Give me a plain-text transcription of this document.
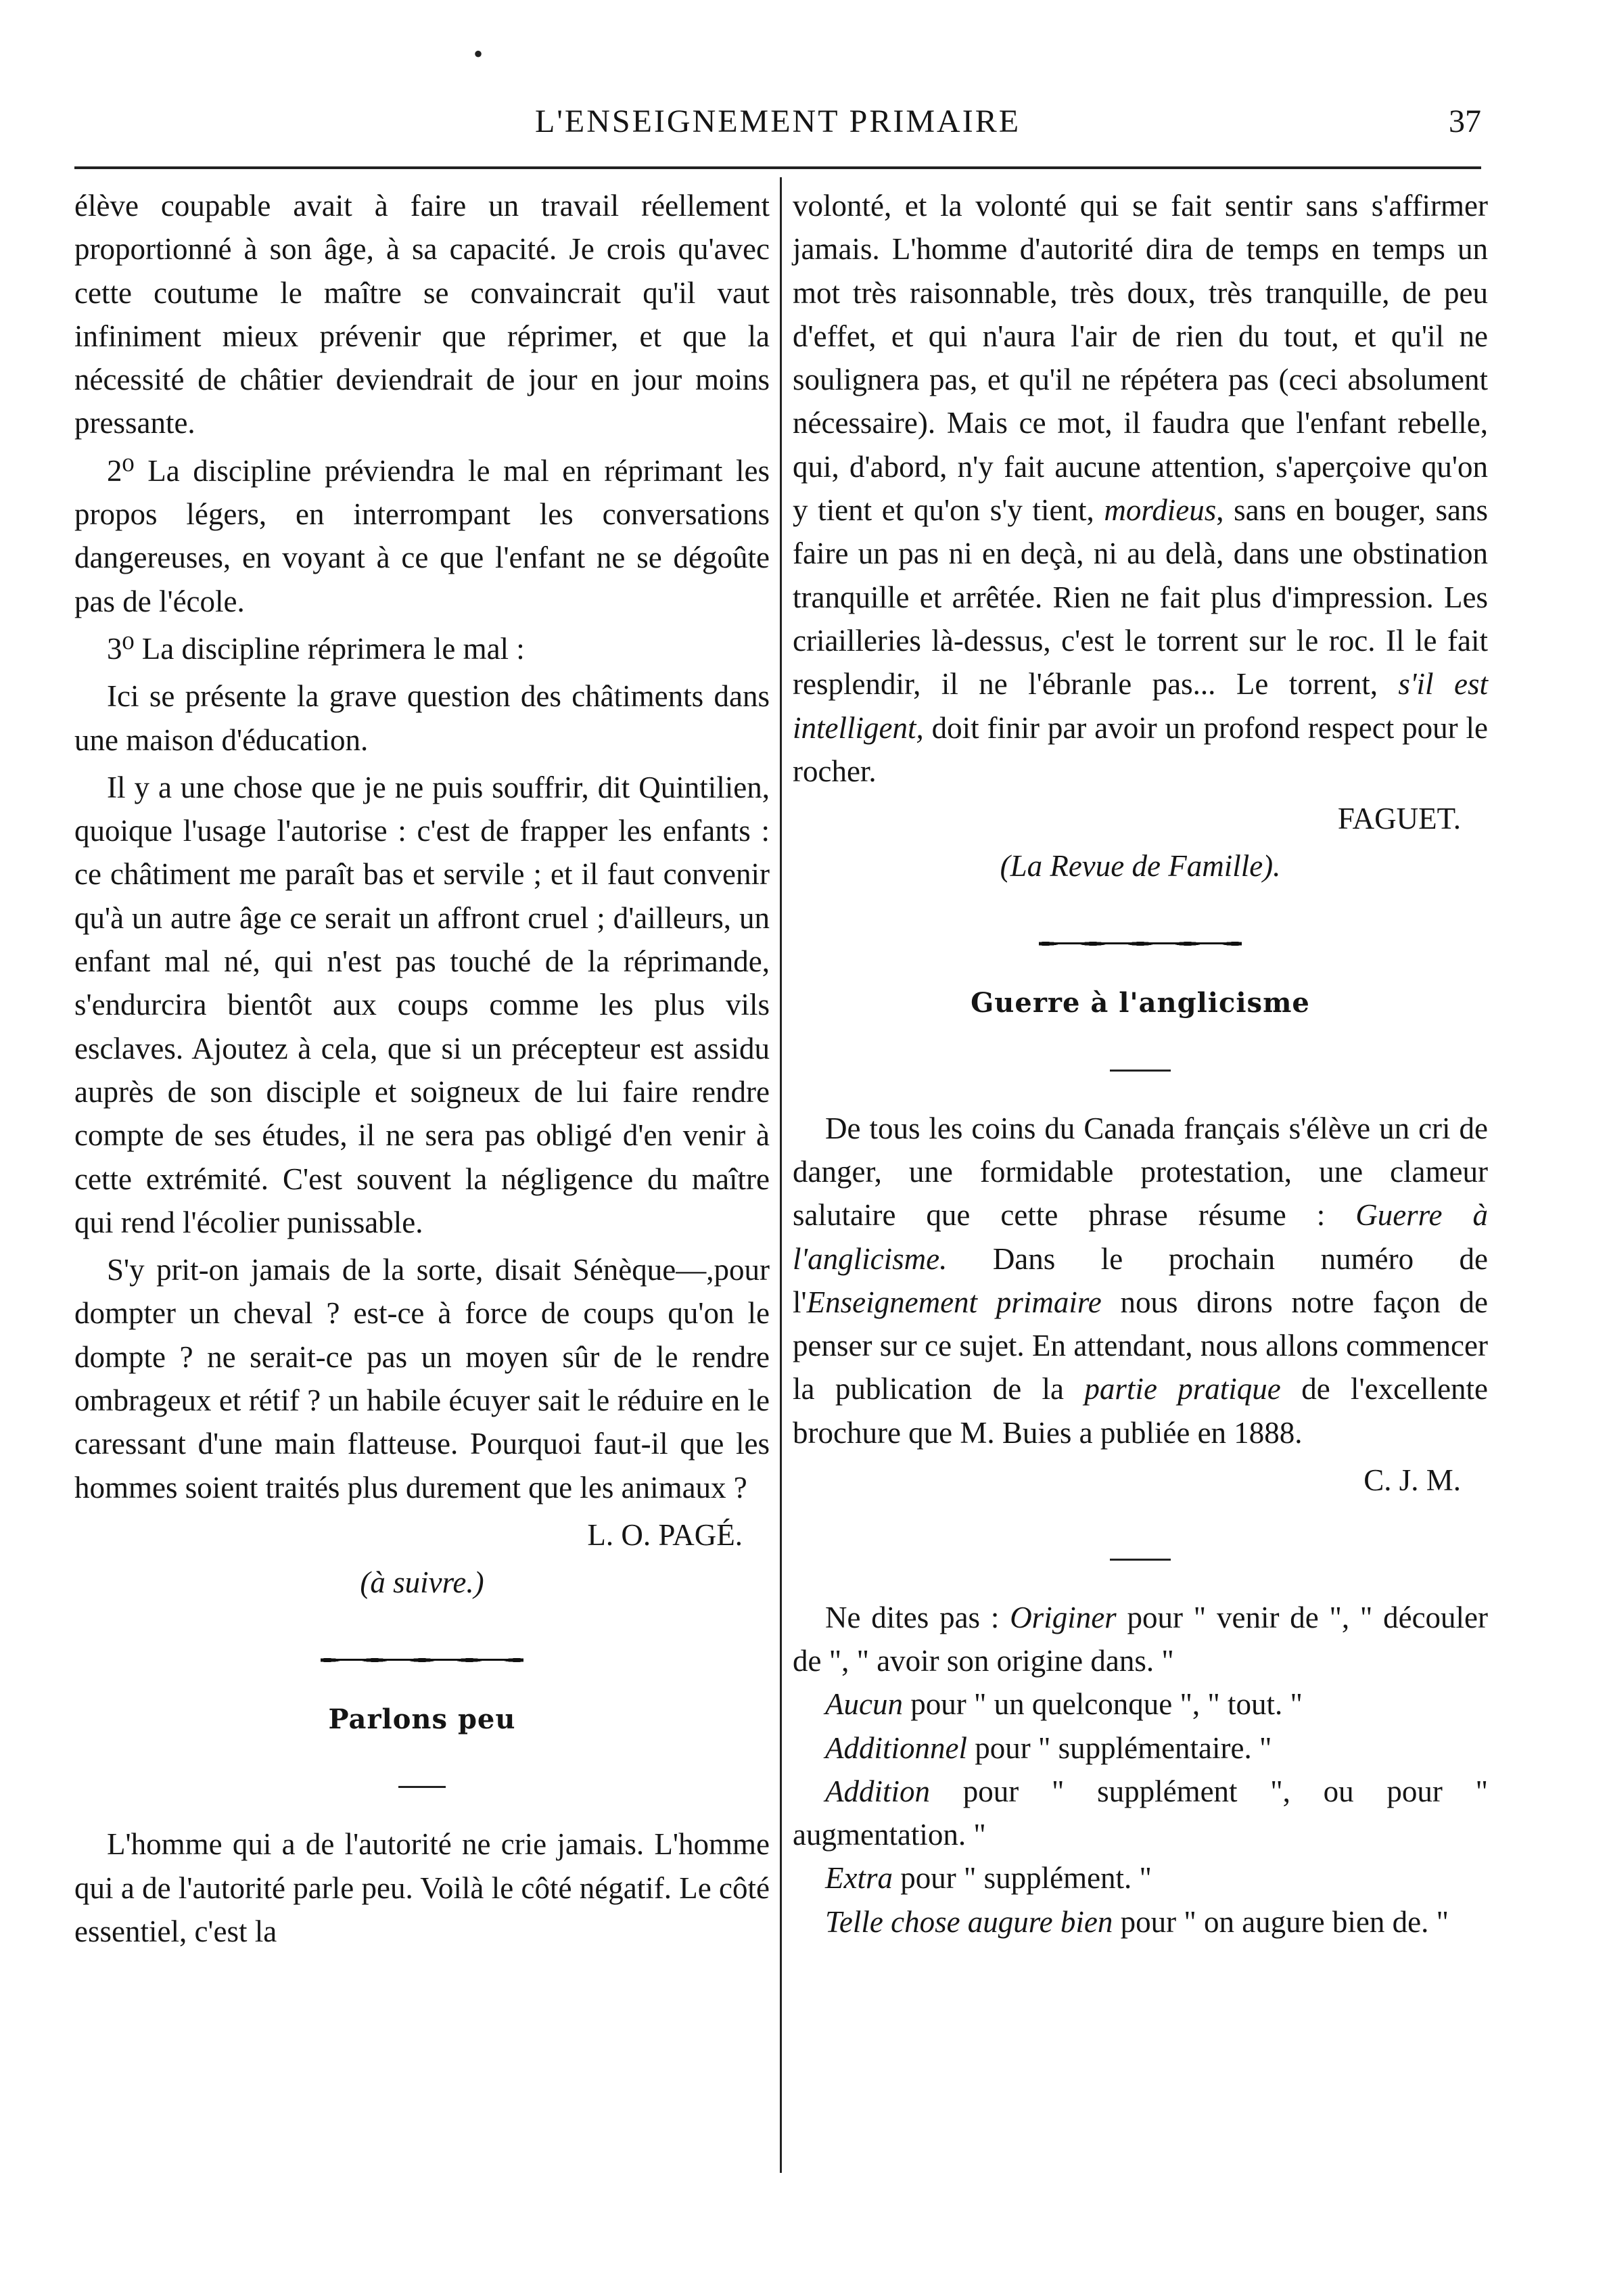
•
L'ENSEIGNEMENT PRIMAIRE	37

élève coupable avait à faire un travail réellement proportionné à son âge, à sa capacité. Je crois qu'avec cette coutume le maître se convaincrait qu'il vaut infiniment mieux prévenir que réprimer, et que la nécessité de châtier deviendrait de jour en jour moins pressante.

2⁰ La discipline préviendra le mal en réprimant les propos légers, en interrompant les conversations dangereuses, en voyant à ce que l'enfant ne se dégoûte pas de l'école.

3⁰ La discipline réprimera le mal :

Ici se présente la grave question des châtiments dans une maison d'éducation.

Il y a une chose que je ne puis souffrir, dit Quintilien, quoique l'usage l'autorise : c'est de frapper les enfants : ce châtiment me paraît bas et servile ; et il faut convenir qu'à un autre âge ce serait un affront cruel ; d'ailleurs, un enfant mal né, qui n'est pas touché de la réprimande, s'endurcira bientôt aux coups comme les plus vils esclaves. Ajoutez à cela, que si un précepteur est assidu auprès de son disciple et soigneux de lui faire rendre compte de ses études, il ne sera pas obligé d'en venir à cette extrémité. C'est souvent la négligence du maître qui rend l'écolier punissable.

S'y prit-on jamais de la sorte, disait Sénèque—,pour dompter un cheval ? est-ce à force de coups qu'on le dompte ? ne serait-ce pas un moyen sûr de le rendre ombrageux et rétif ? un habile écuyer sait le réduire en le caressant d'une main flatteuse. Pourquoi faut-il que les hommes soient traités plus durement que les animaux ?

L. O. PAGÉ.

(à suivre.)

Parlons peu

L'homme qui a de l'autorité ne crie jamais. L'homme qui a de l'autorité parle peu. Voilà le côté négatif. Le côté essentiel, c'est la

volonté, et la volonté qui se fait sentir sans s'affirmer jamais. L'homme d'autorité dira de temps en temps un mot très raisonnable, très doux, très tranquille, de peu d'effet, et qui n'aura l'air de rien du tout, et qu'il ne soulignera pas, et qu'il ne répétera pas (ceci absolument nécessaire). Mais ce mot, il faudra que l'enfant rebelle, qui, d'abord, n'y fait aucune attention, s'aperçoive qu'on y tient et qu'on s'y tient, mordieus, sans en bouger, sans faire un pas ni en deçà, ni au delà, dans une obstination tranquille et arrêtée. Rien ne fait plus d'impression. Les criailleries là-dessus, c'est le torrent sur le roc. Il le fait resplendir, il ne l'ébranle pas... Le torrent, s'il est intelligent, doit finir par avoir un profond respect pour le rocher.

FAGUET.

(La Revue de Famille).

Guerre à l'anglicisme

De tous les coins du Canada français s'élève un cri de danger, une formidable protestation, une clameur salutaire que cette phrase résume : Guerre à l'anglicisme. Dans le prochain numéro de l'Enseignement primaire nous dirons notre façon de penser sur ce sujet. En attendant, nous allons commencer la publication de la partie pratique de l'excellente brochure que M. Buies a publiée en 1888.

C. J. M.

Ne dites pas : Originer pour " venir de ", " découler de ", " avoir son origine dans. "

Aucun pour " un quelconque ", " tout. "

Additionnel pour " supplémentaire. "

Addition pour " supplément ", ou pour " augmentation. "

Extra pour " supplément. "

Telle chose augure bien pour " on augure bien de. "
